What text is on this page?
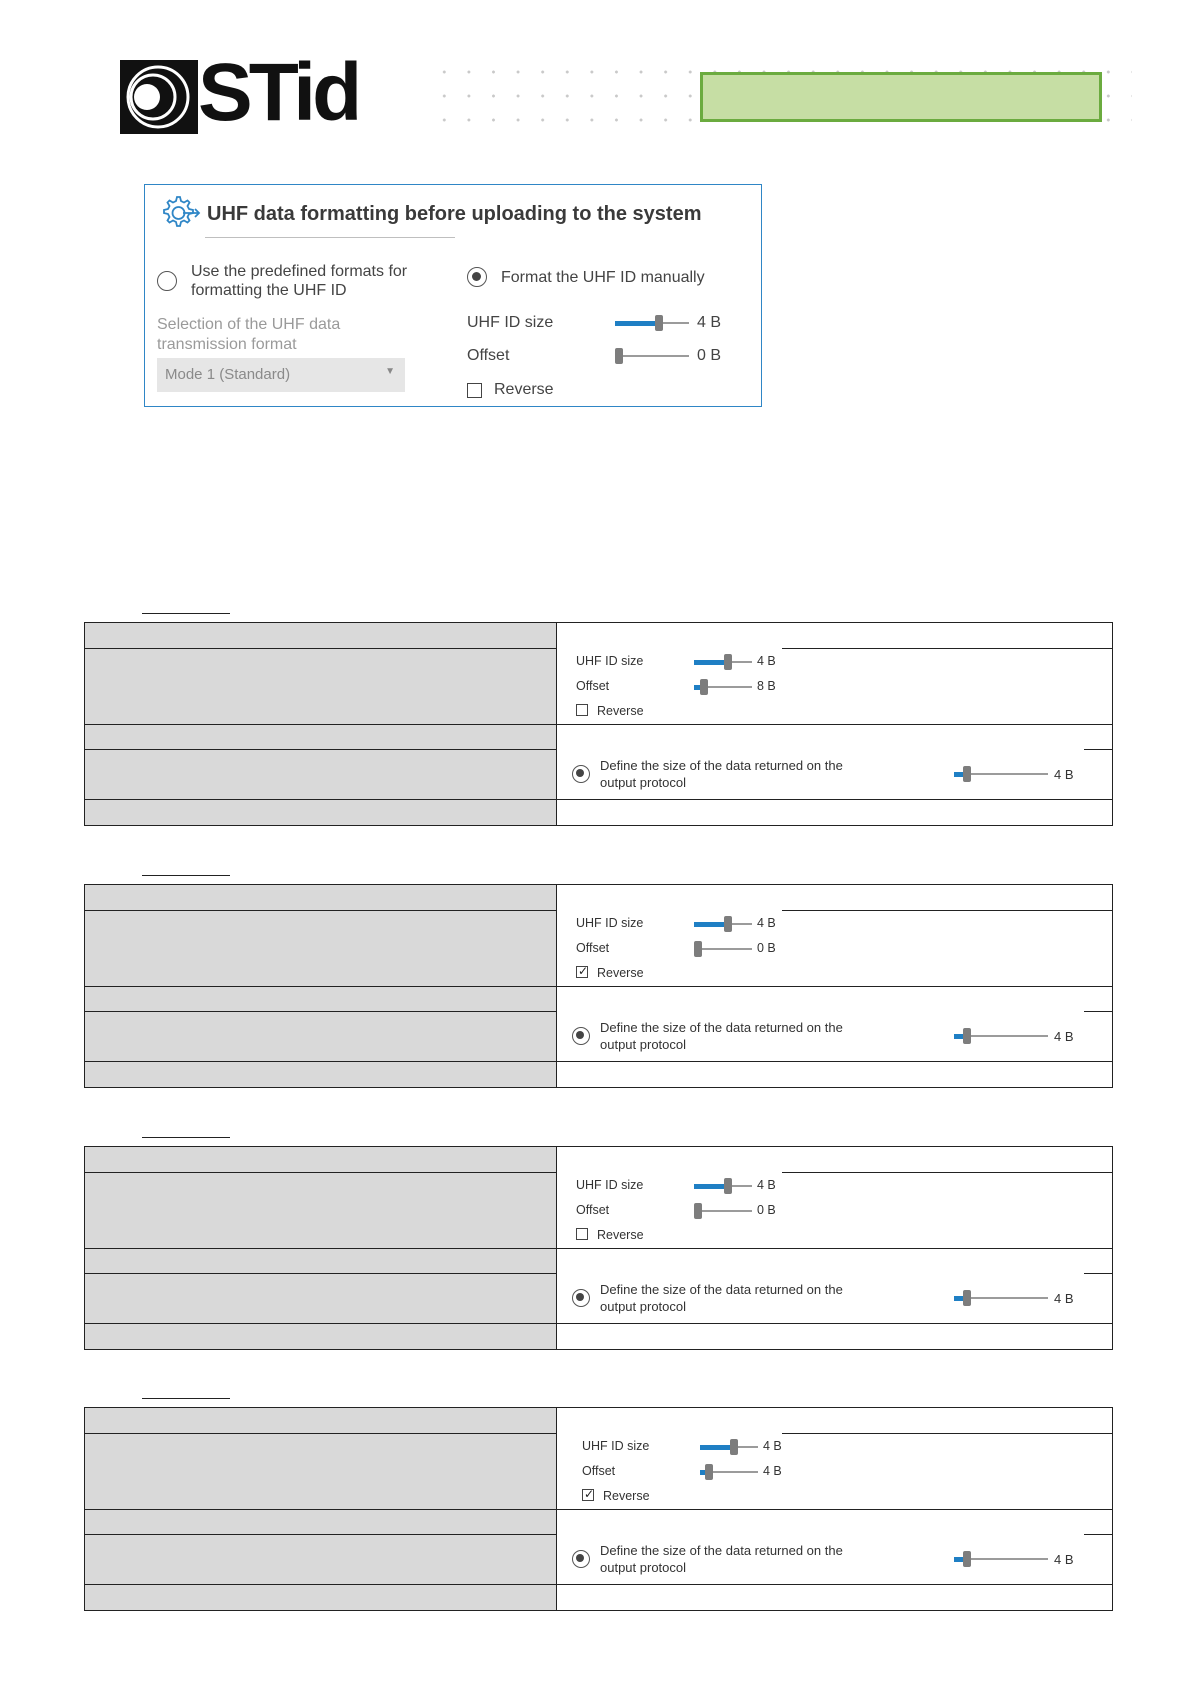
STid
UHF data formatting before uploading to the system
Use the predefined formats for
formatting the UHF ID
Selection of the UHF data
transmission format
Mode 1 (Standard)	▼
Format the UHF ID manually
UHF ID size	4 B
Offset	0 B
Reverse
UHF ID size	4 B
Offset	8 B
Reverse
Define the size of the data returned on the
output protocol
4 B
UHF ID size	4 B
Offset	0 B
✓
Reverse
Define the size of the data returned on the
output protocol
4 B
UHF ID size	4 B
Offset	0 B
Reverse
Define the size of the data returned on the
output protocol
4 B
UHF ID size	4 B
Offset	4 B
✓
Reverse
Define the size of the data returned on the
output protocol
4 B
